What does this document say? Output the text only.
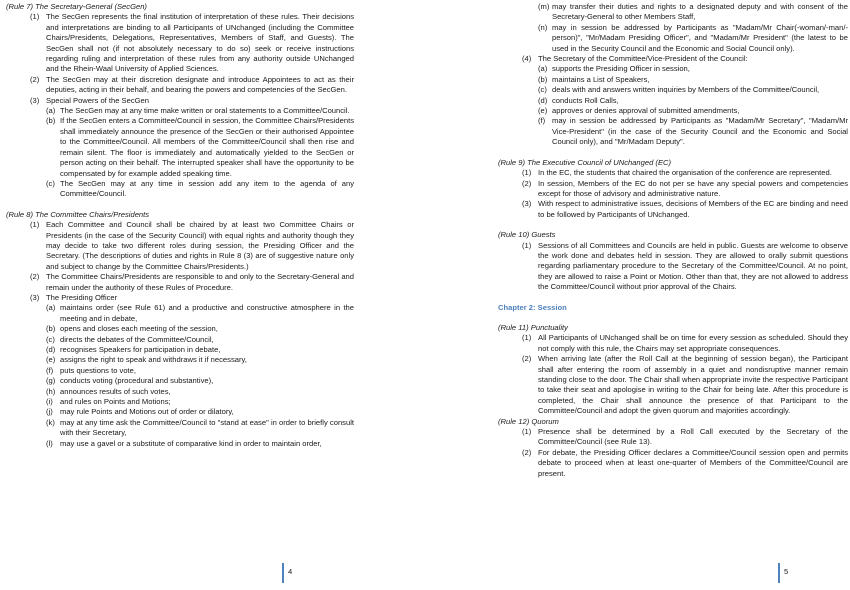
(Rule 7) The Secretary-General (SecGen)

(1) The SecGen represents the final institution of interpretation of these rules. Their decisions and interpretations are binding to all Participants of UNchanged (including the Committee Chairs/Presidents, Delegations, Representatives, Members of Staff, and Guests). The SecGen shall not (if not absolutely necessary to do so) seek or receive instructions regarding ruling and interpretation of these rules from any authority outside UNchanged and the Rhein-Waal University of Applied Sciences.
(2) The SecGen may at their discretion designate and introduce Appointees to act as their deputies, acting in their behalf, and bearing the powers and competencies of the SecGen.
(3) Special Powers of the SecGen
(a) The SecGen may at any time make written or oral statements to a Committee/Council.
(b) If the SecGen enters a Committee/Council in session, the Committee Chairs/Presidents shall immediately announce the presence of the SecGen or their authorised Appointee to the Committee/Council. All members of the Committee/Council shall then rise and remain silent. The floor is immediately and automatically yielded to the SecGen or person acting on their behalf. The interrupted speaker shall have the opportunity to be compensated by for example added speaking time.
(c) The SecGen may at any time in session add any item to the agenda of any Committee/Council.

(Rule 8) The Committee Chairs/Presidents

(1) Each Committee and Council shall be chaired by at least two Committee Chairs or Presidents (in the case of the Security Council) with equal rights and authority though they may decide to take two different roles during session, the Presiding Officer and the Secretary. (The descriptions of duties and rights in Rule 8 (3) are of suggestive nature only and subject to change by the Committee Chairs/Presidents.)
(2) The Committee Chairs/Presidents are responsible to and only to the Secretary-General and remain under the authority of these Rules of Procedure.
(3) The Presiding Officer
(a) maintains order (see Rule 61) and a productive and constructive atmosphere in the meeting and in debate,
(b) opens and closes each meeting of the session,
(c) directs the debates of the Committee/Council,
(d) recognises Speakers for participation in debate,
(e) assigns the right to speak and withdraws it if necessary,
(f) puts questions to vote,
(g) conducts voting (procedural and substantive),
(h) announces results of such votes,
(i) and rules on Points and Motions;
(j) may rule Points and Motions out of order or dilatory,
(k) may at any time ask the Committee/Council to "stand at ease" in order to briefly consult with their Secretary,
(l) may use a gavel or a substitute of comparative kind in order to maintain order,
4
(m) may transfer their duties and rights to a designated deputy and with consent of the Secretary-General to other Members Staff,
(n) may in session be addressed by Participants as "Madam/Mr Chair(-woman/-man/-person)", "Mr/Madam Presiding Officer", and "Madam/Mr President" (the latest to be used in the Security Council and the Economic and Social Council only).
(4) The Secretary of the Committee/Vice-President of the Council:
(a) supports the Presiding Officer in session,
(b) maintains a List of Speakers,
(c) deals with and answers written inquiries by Members of the Committee/Council,
(d) conducts Roll Calls,
(e) approves or denies approval of submitted amendments,
(f) may in session be addressed by Participants as "Madam/Mr Secretary", "Madam/Mr Vice-President" (in the case of the Security Council and the Economic and Social Council only), and "Mr/Madam Deputy".

(Rule 9) The Executive Council of UNchanged (EC)

(1) In the EC, the students that chaired the organisation of the conference are represented.
(2) In session, Members of the EC do not per se have any special powers and competencies except for those of advisory and administrative nature.
(3) With respect to administrative issues, decisions of Members of the EC are binding and need to be followed by Participants of UNchanged.

(Rule 10) Guests

(1) Sessions of all Committees and Councils are held in public. Guests are welcome to observe the work done and debates held in session. They are allowed to orally submit questions regarding parliamentary procedure to the Secretary of the Committee/Council. At no point, they are allowed to raise a Point or Motion. Other than that, they are not allowed to address the Committee/Council without prior approval of the Chairs.

Chapter 2: Session

(Rule 11) Punctuality

(1) All Participants of UNchanged shall be on time for every session as scheduled. Should they not comply with this rule, the Chairs may set appropriate consequences.
(2) When arriving late (after the Roll Call at the beginning of session began), the Participant shall after entering the room of assembly in a quiet and nondisruptive manner remain standing close to the door. The Chair shall when appropriate invite the respective Participant to take their seat and apologise in writing to the Chair for being late. After this procedure is completed, the Chair shall announce the presence of that Participant to the Committee/Council and adopt the given quorum and majorities accordingly.

(Rule 12) Quorum

(1) Presence shall be determined by a Roll Call executed by the Secretary of the Committee/Council (see Rule 13).
(2) For debate, the Presiding Officer declares a Committee/Council session open and permits debate to proceed when at least one-quarter of Members of the Committee/Council are present.
5
